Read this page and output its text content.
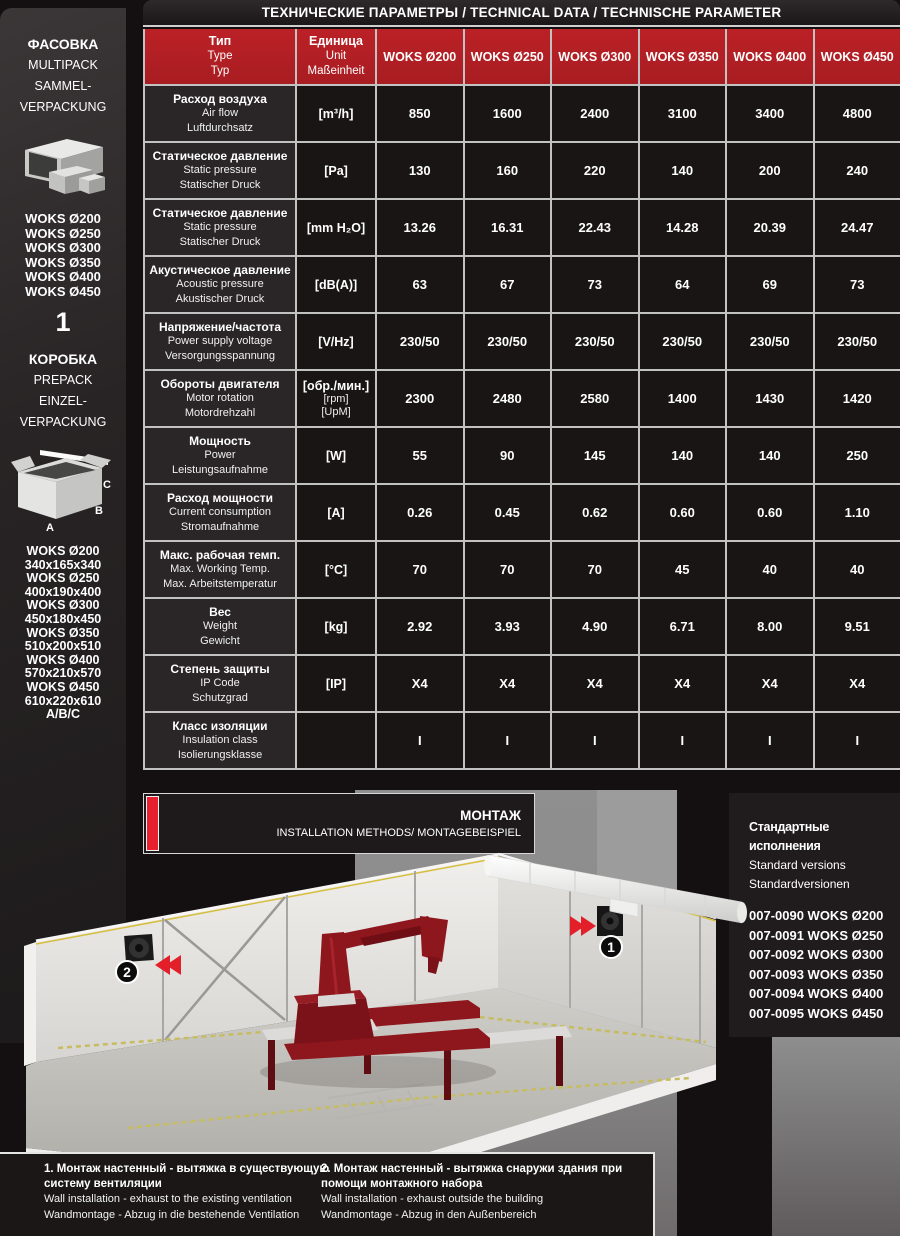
ФАСОВКА
MULTIPACK
SAMMEL-
VERPACKUNG
WOKS Ø200
WOKS Ø250
WOKS Ø300
WOKS Ø350
WOKS Ø400
WOKS Ø450
1
КОРОБКА
PREPACK
EINZEL-
VERPACKUNG
C
B
A
WOKS Ø200
340x165x340
WOKS Ø250
400x190x400
WOKS Ø300
450x180x450
WOKS Ø350
510x200x510
WOKS Ø400
570x210x570
WOKS Ø450
610x220x610
A/B/C
ТЕХНИЧЕСКИЕ ПАРАМЕТРЫ / TECHNICAL DATA / TECHNISCHE PARAMETER
Тип
Type
Typ
Единица
Unit
Maßeinheit
WOKS Ø200 WOKS Ø250 WOKS Ø300 WOKS Ø350 WOKS Ø400 WOKS Ø450
Расход воздуха
Air flow
Luftdurchsatz
[m³/h]	850	1600	2400	3100	3400	4800
Статическое давление
Static pressure
Statischer Druck
[Pa]	130	160	220	140	200	240
Статическое давление
Static pressure
Statischer Druck
[mm H₂O]	13.26	16.31	22.43	14.28	20.39	24.47
Акустическое давление
Acoustic pressure
Akustischer Druck
[dB(A)]	63	67	73	64	69	73
Напряжение/частота
Power supply voltage
Versorgungsspannung
[V/Hz]	230/50	230/50	230/50	230/50	230/50	230/50
Обороты двигателя
Motor rotation
Motordrehzahl
[обр./мин.]
[rpm]
[UpM]
2300	2480	2580	1400	1430	1420
Мощность
Power
Leistungsaufnahme
[W]	55	90	145	140	140	250
Расход мощности
Current consumption
Stromaufnahme
[A]	0.26	0.45	0.62	0.60	0.60	1.10
Макс. рабочая темп.
Max. Working Temp.
Max. Arbeitstemperatur
[°C]	70	70	70	45	40	40
Вес
Weight
Gewicht
[kg]	2.92	3.93	4.90	6.71	8.00	9.51
Степень защиты
IP Code
Schutzgrad
[IP]	X4	X4	X4	X4	X4	X4
Класс изоляции
Insulation class
Isolierungsklasse
I	I	I	I	I	I
МОНТАЖ
INSTALLATION METHODS/ MONTAGEBEISPIEL	Стандартные исполнения
Standard versions
Standardversionen
007-0090 WOKS Ø200
007-0091 WOKS Ø250
007-0092 WOKS Ø300
007-0093 WOKS Ø350
007-0094 WOKS Ø400
007-0095 WOKS Ø450
2
1
1. Монтаж настенный - вытяжка в существующую систему вентиляции
Wall installation - exhaust to the existing ventilation
Wandmontage - Abzug in die bestehende Ventilation
2. Монтаж настенный - вытяжка снаружи здания при помощи монтажного набора
Wall installation - exhaust outside the building
Wandmontage - Abzug in den Außenbereich
